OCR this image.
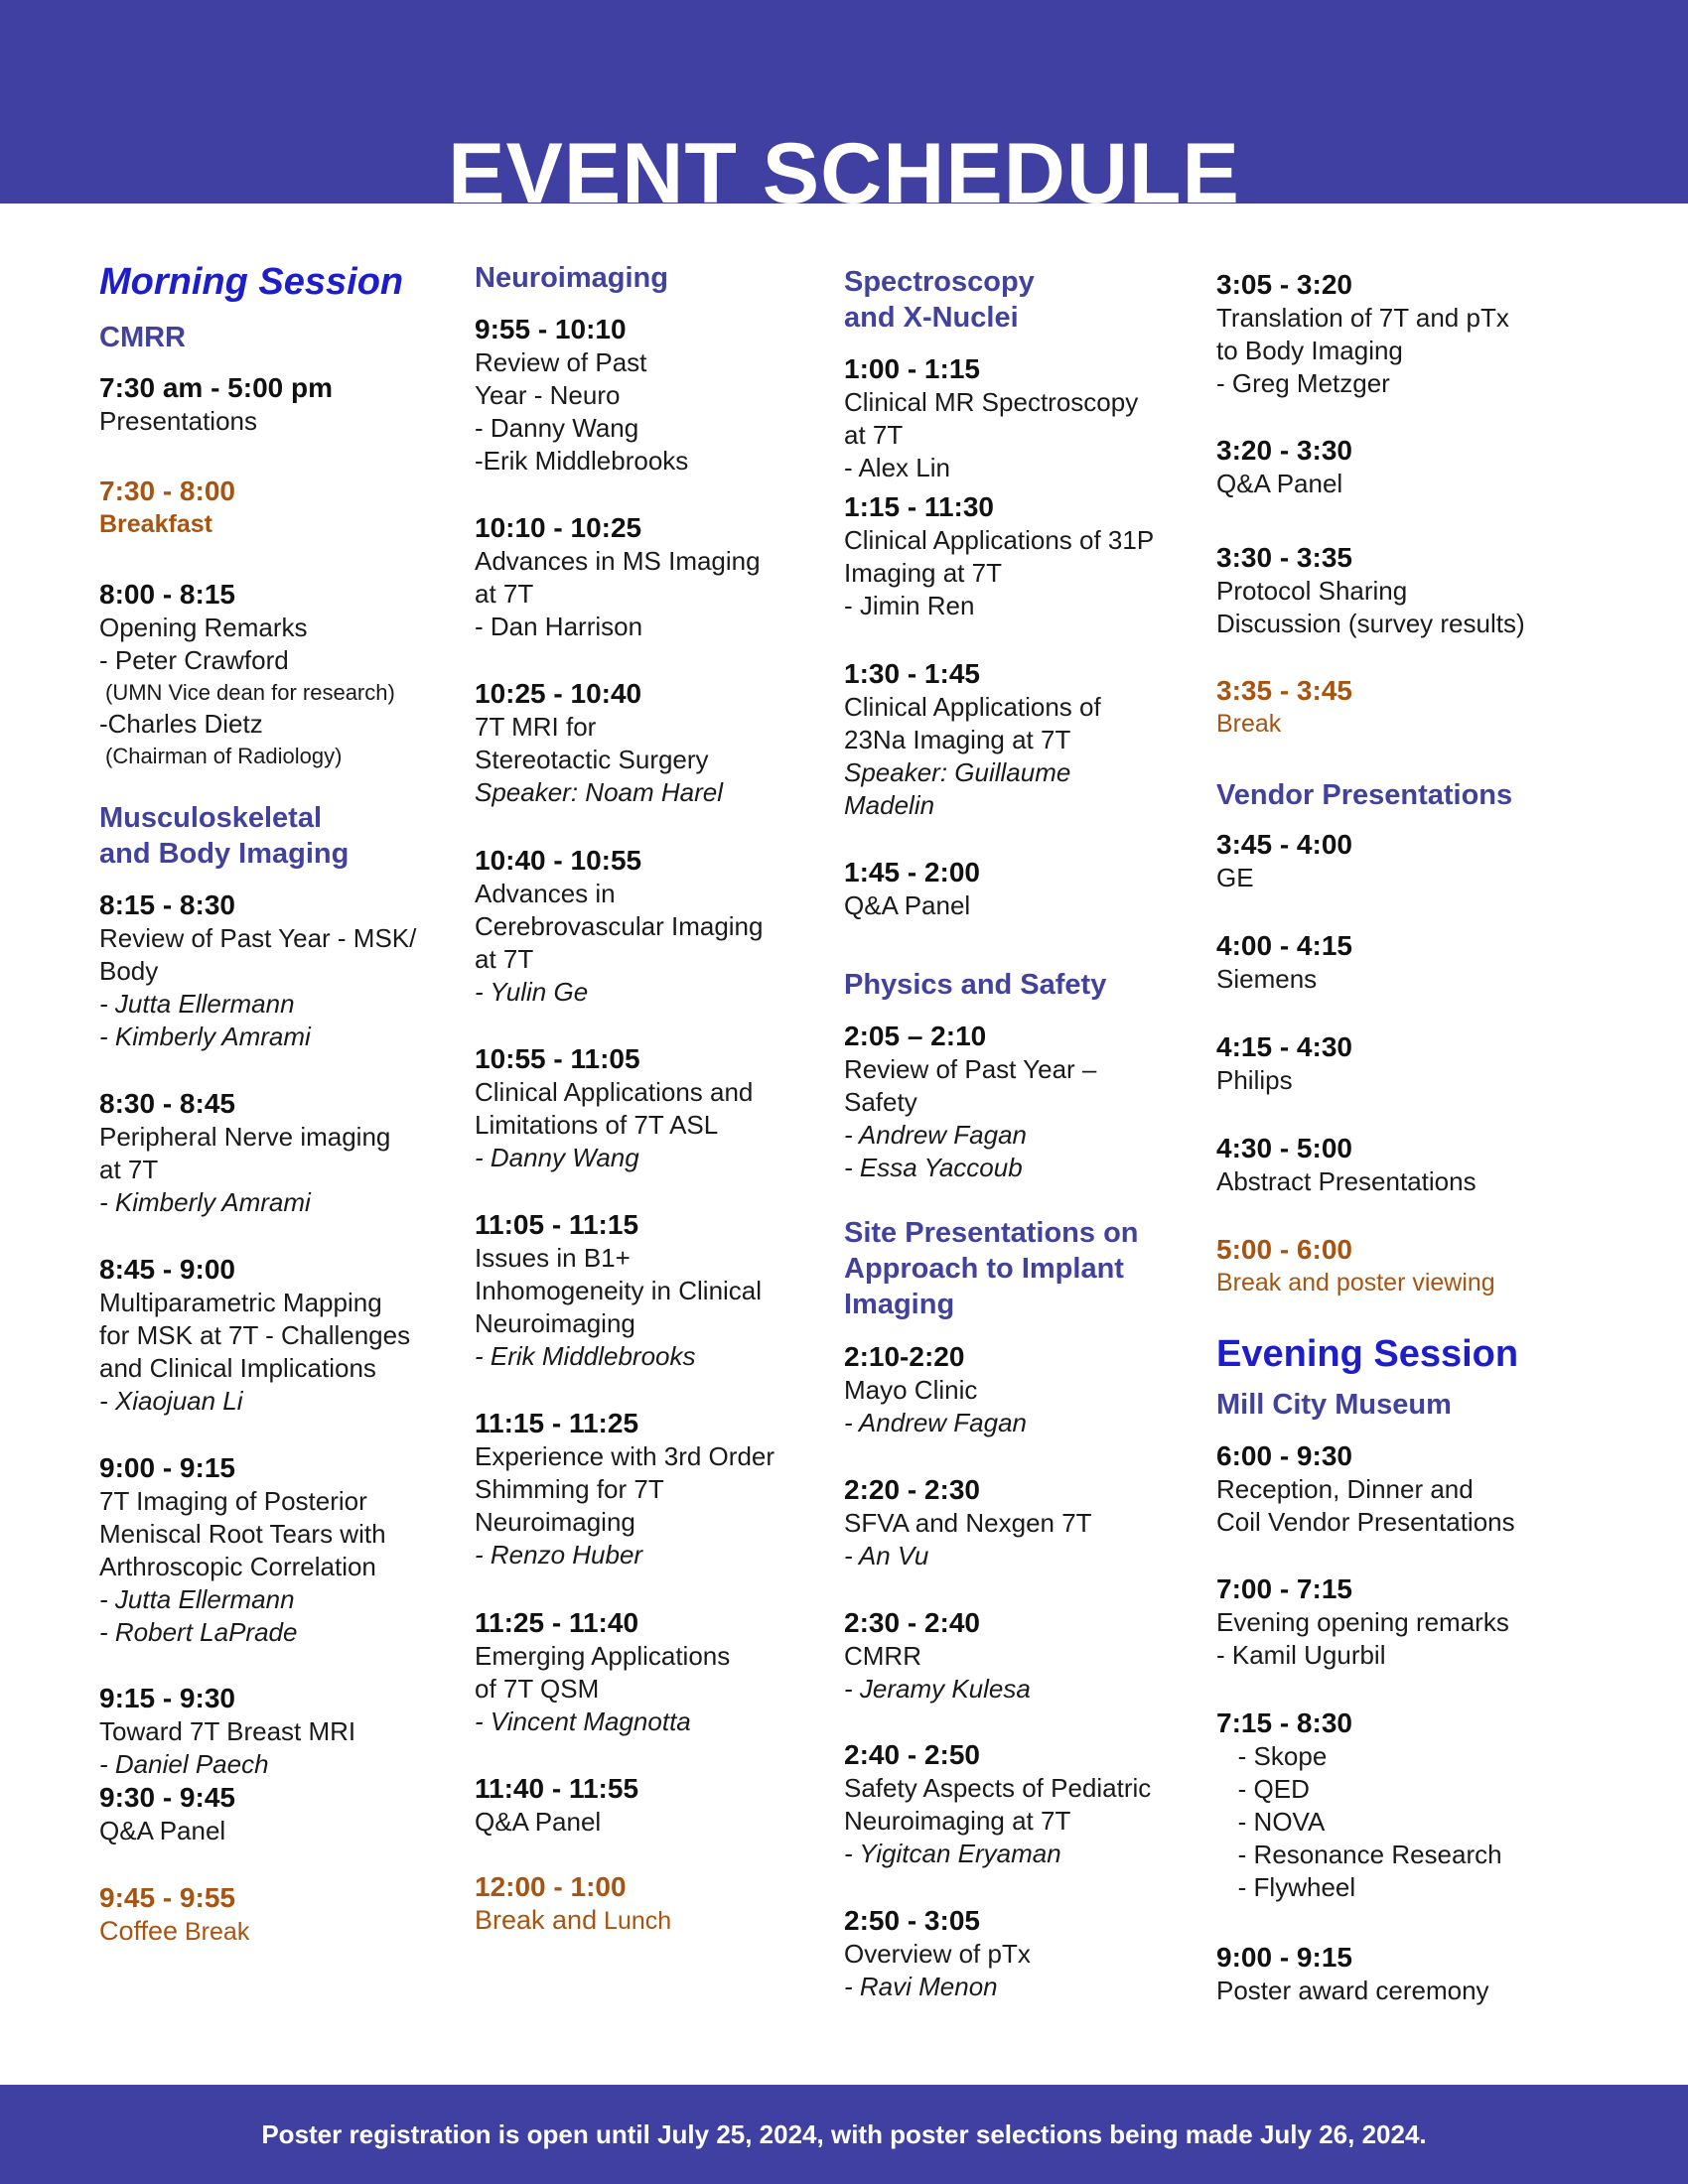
EVENT SCHEDULE
Morning Session
CMRR
7:30 am - 5:00 pm
Presentations
7:30 - 8:00
Breakfast
8:00 - 8:15
Opening Remarks
- Peter Crawford
(UMN Vice dean for research)
-Charles Dietz
(Chairman of Radiology)
Musculoskeletal
and Body Imaging
8:15 - 8:30
Review of Past Year - MSK/
Body
- Jutta Ellermann
- Kimberly Amrami
8:30 - 8:45
Peripheral Nerve imaging
at 7T
- Kimberly Amrami
8:45 - 9:00
Multiparametric Mapping
for MSK at 7T - Challenges
and Clinical Implications
- Xiaojuan Li
9:00 - 9:15
7T Imaging of Posterior
Meniscal Root Tears with
Arthroscopic Correlation
- Jutta Ellermann
- Robert LaPrade
9:15 - 9:30
Toward 7T Breast MRI
- Daniel Paech
9:30 - 9:45
Q&A Panel
9:45 - 9:55
Coffee Break
Neuroimaging
9:55 - 10:10
Review of Past
Year - Neuro
- Danny Wang
-Erik Middlebrooks
10:10 - 10:25
Advances in MS Imaging
at 7T
- Dan Harrison
10:25 - 10:40
7T MRI for
Stereotactic Surgery
Speaker: Noam Harel
10:40 - 10:55
Advances in
Cerebrovascular Imaging
at 7T
- Yulin Ge
10:55 - 11:05
Clinical Applications and
Limitations of 7T ASL
- Danny Wang
11:05 - 11:15
Issues in B1+
Inhomogeneity in Clinical
Neuroimaging
- Erik Middlebrooks
11:15 - 11:25
Experience with 3rd Order
Shimming for 7T
Neuroimaging
- Renzo Huber
11:25 - 11:40
Emerging Applications
of 7T QSM
- Vincent Magnotta
11:40 - 11:55
Q&A Panel
12:00 - 1:00
Break and Lunch
Spectroscopy
and X-Nuclei
1:00 - 1:15
Clinical MR Spectroscopy
at 7T
- Alex Lin
1:15 - 11:30
Clinical Applications of 31P
Imaging at 7T
- Jimin Ren
1:30 - 1:45
Clinical Applications of
23Na Imaging at 7T
Speaker: Guillaume
Madelin
1:45 - 2:00
Q&A Panel
Physics and Safety
2:05 – 2:10
Review of Past Year –
Safety
- Andrew Fagan
- Essa Yaccoub
Site Presentations on
Approach to Implant
Imaging
2:10-2:20
Mayo Clinic
- Andrew Fagan
2:20 - 2:30
SFVA and Nexgen 7T
- An Vu
2:30 - 2:40
CMRR
- Jeramy Kulesa
2:40 - 2:50
Safety Aspects of Pediatric
Neuroimaging at 7T
- Yigitcan Eryaman
2:50 - 3:05
Overview of pTx
- Ravi Menon
3:05 - 3:20
Translation of 7T and pTx
to Body Imaging
- Greg Metzger
3:20 - 3:30
Q&A Panel
3:30 - 3:35
Protocol Sharing
Discussion (survey results)
3:35 - 3:45
Break
Vendor Presentations
3:45 - 4:00
GE
4:00 - 4:15
Siemens
4:15 - 4:30
Philips
4:30 - 5:00
Abstract Presentations
5:00 - 6:00
Break and poster viewing
Evening Session
Mill City Museum
6:00 - 9:30
Reception, Dinner and
Coil Vendor Presentations
7:00 - 7:15
Evening opening remarks
- Kamil Ugurbil
7:15 - 8:30
- Skope
- QED
- NOVA
- Resonance Research
- Flywheel
9:00 - 9:15
Poster award ceremony
Poster registration is open until July 25, 2024, with poster selections being made July 26, 2024.
